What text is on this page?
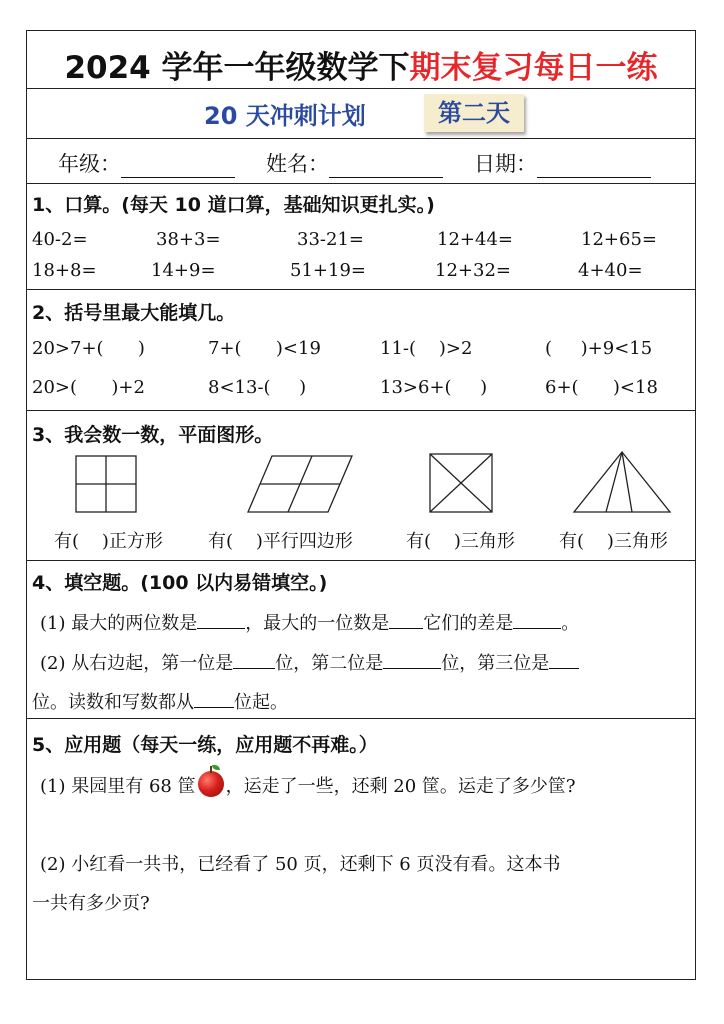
2024 学年一年级数学下期末复习每日一练
20 天冲刺计划	第二天
年级：	姓名：	日期：
1、口算。(每天 10 道口算，基础知识更扎实。)
40-2=	38+3=	33-21=	12+44=	12+65=
18+8=	14+9=	51+19=	12+32=	4+40=
2、括号里最大能填几。
20>7+(      )	7+(      )<19	11-(    )>2	(     )+9<15
20>(      )+2	8<13-(     )	13>6+(     )	6+(      )<18
3、我会数一数，平面图形。
有(    )正方形	有(    )平行四边形	有(    )三角形 有(    )三角形
4、填空题。(100 以内易错填空。)
(1) 最大的两位数是	，最大的一位数是 它们的差是	。
(2) 从右边起，第一位是 位，第二位是	位，第三位是
位。读数和写数都从 位起。
5、应用题（每天一练，应用题不再难。）
(1) 果园里有 68 筐 ，运走了一些，还剩 20 筐。运走了多少筐?
(2) 小红看一共书，已经看了 50 页，还剩下 6 页没有看。这本书
一共有多少页?
